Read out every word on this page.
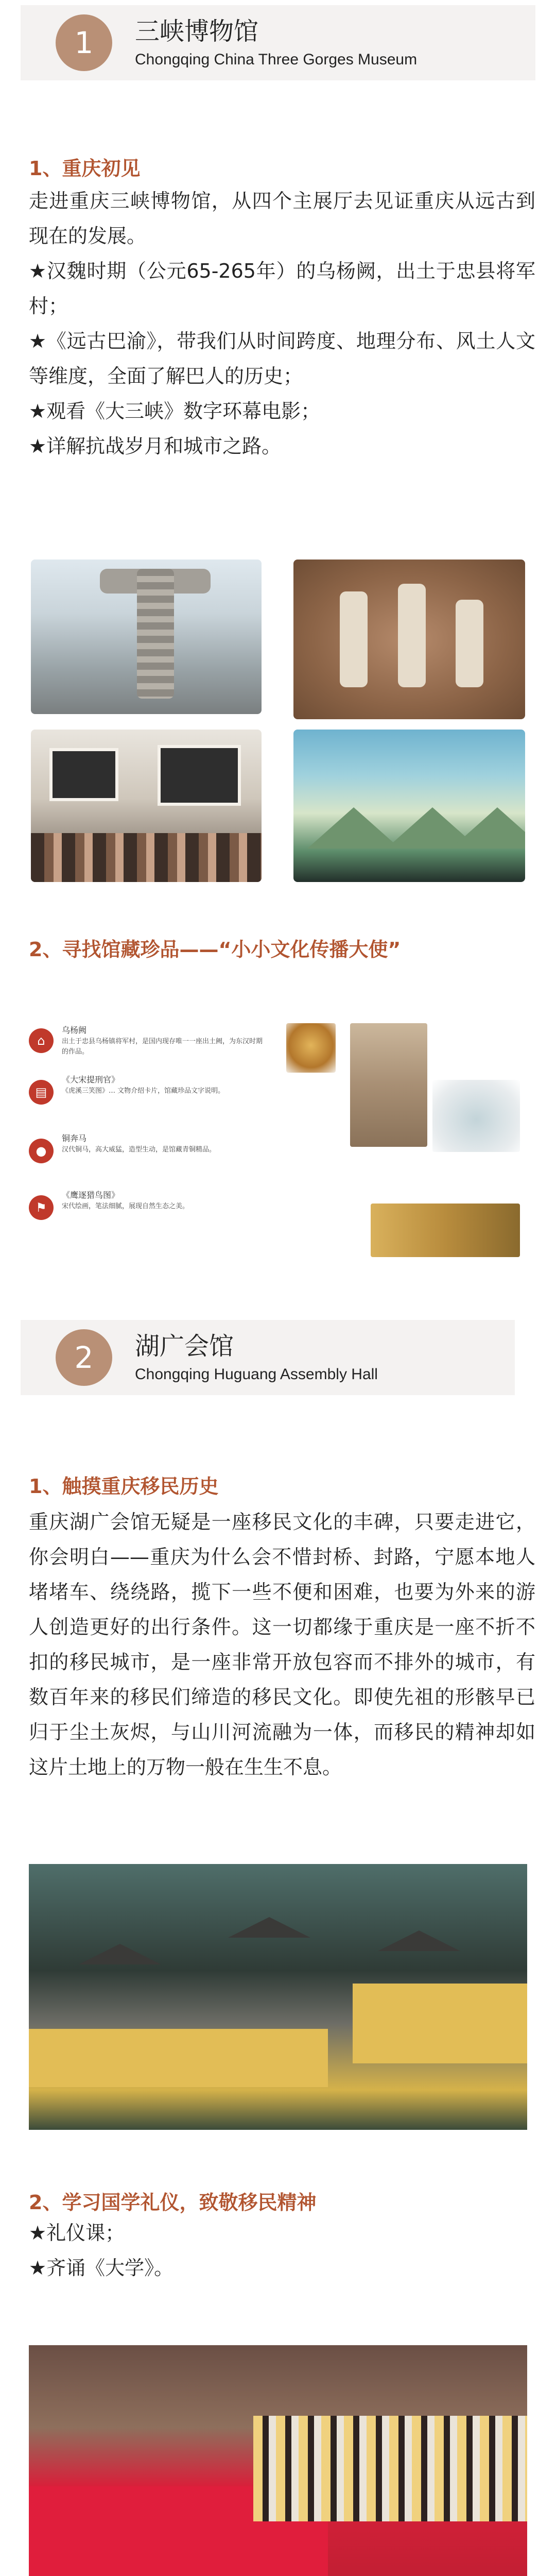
1	三峡博物馆
Chongqing China Three Gorges Museum
1、重庆初见

走进重庆三峡博物馆，从四个主展厅去见证重庆从远古到现在的发展。

★汉魏时期（公元65-265年）的乌杨阙，出土于忠县将军村；

★《远古巴渝》，带我们从时间跨度、地理分布、风土人文等维度，全面了解巴人的历史；

★观看《大三峡》数字环幕电影；

★详解抗战岁月和城市之路。

2、寻找馆藏珍品——“小小文化传播大使”
⌂
乌杨阙
出土于忠县乌杨镇将军村，是国内现存唯一一座出土阙，为东汉时期的作品。
▤
《大宋提刑官》
《虎溪三笑图》… 文物介绍卡片，馆藏珍品文字说明。
●
铜奔马
汉代铜马，高大威猛，造型生动，是馆藏青铜精品。
⚑
《鹰逐猎鸟图》
宋代绘画，笔法细腻，展现自然生态之美。
2	湖广会馆
Chongqing Huguang Assembly Hall
1、触摸重庆移民历史

重庆湖广会馆无疑是一座移民文化的丰碑，只要走进它，你会明白——重庆为什么会不惜封桥、封路，宁愿本地人堵堵车、绕绕路，揽下一些不便和困难，也要为外来的游人创造更好的出行条件。这一切都缘于重庆是一座不折不扣的移民城市，是一座非常开放包容而不排外的城市，有数百年来的移民们缔造的移民文化。即使先祖的形骸早已归于尘土灰烬，与山川河流融为一体，而移民的精神却如这片土地上的万物一般在生生不息。

2、学习国学礼仪，致敬移民精神

★礼仪课；

★齐诵《大学》。
